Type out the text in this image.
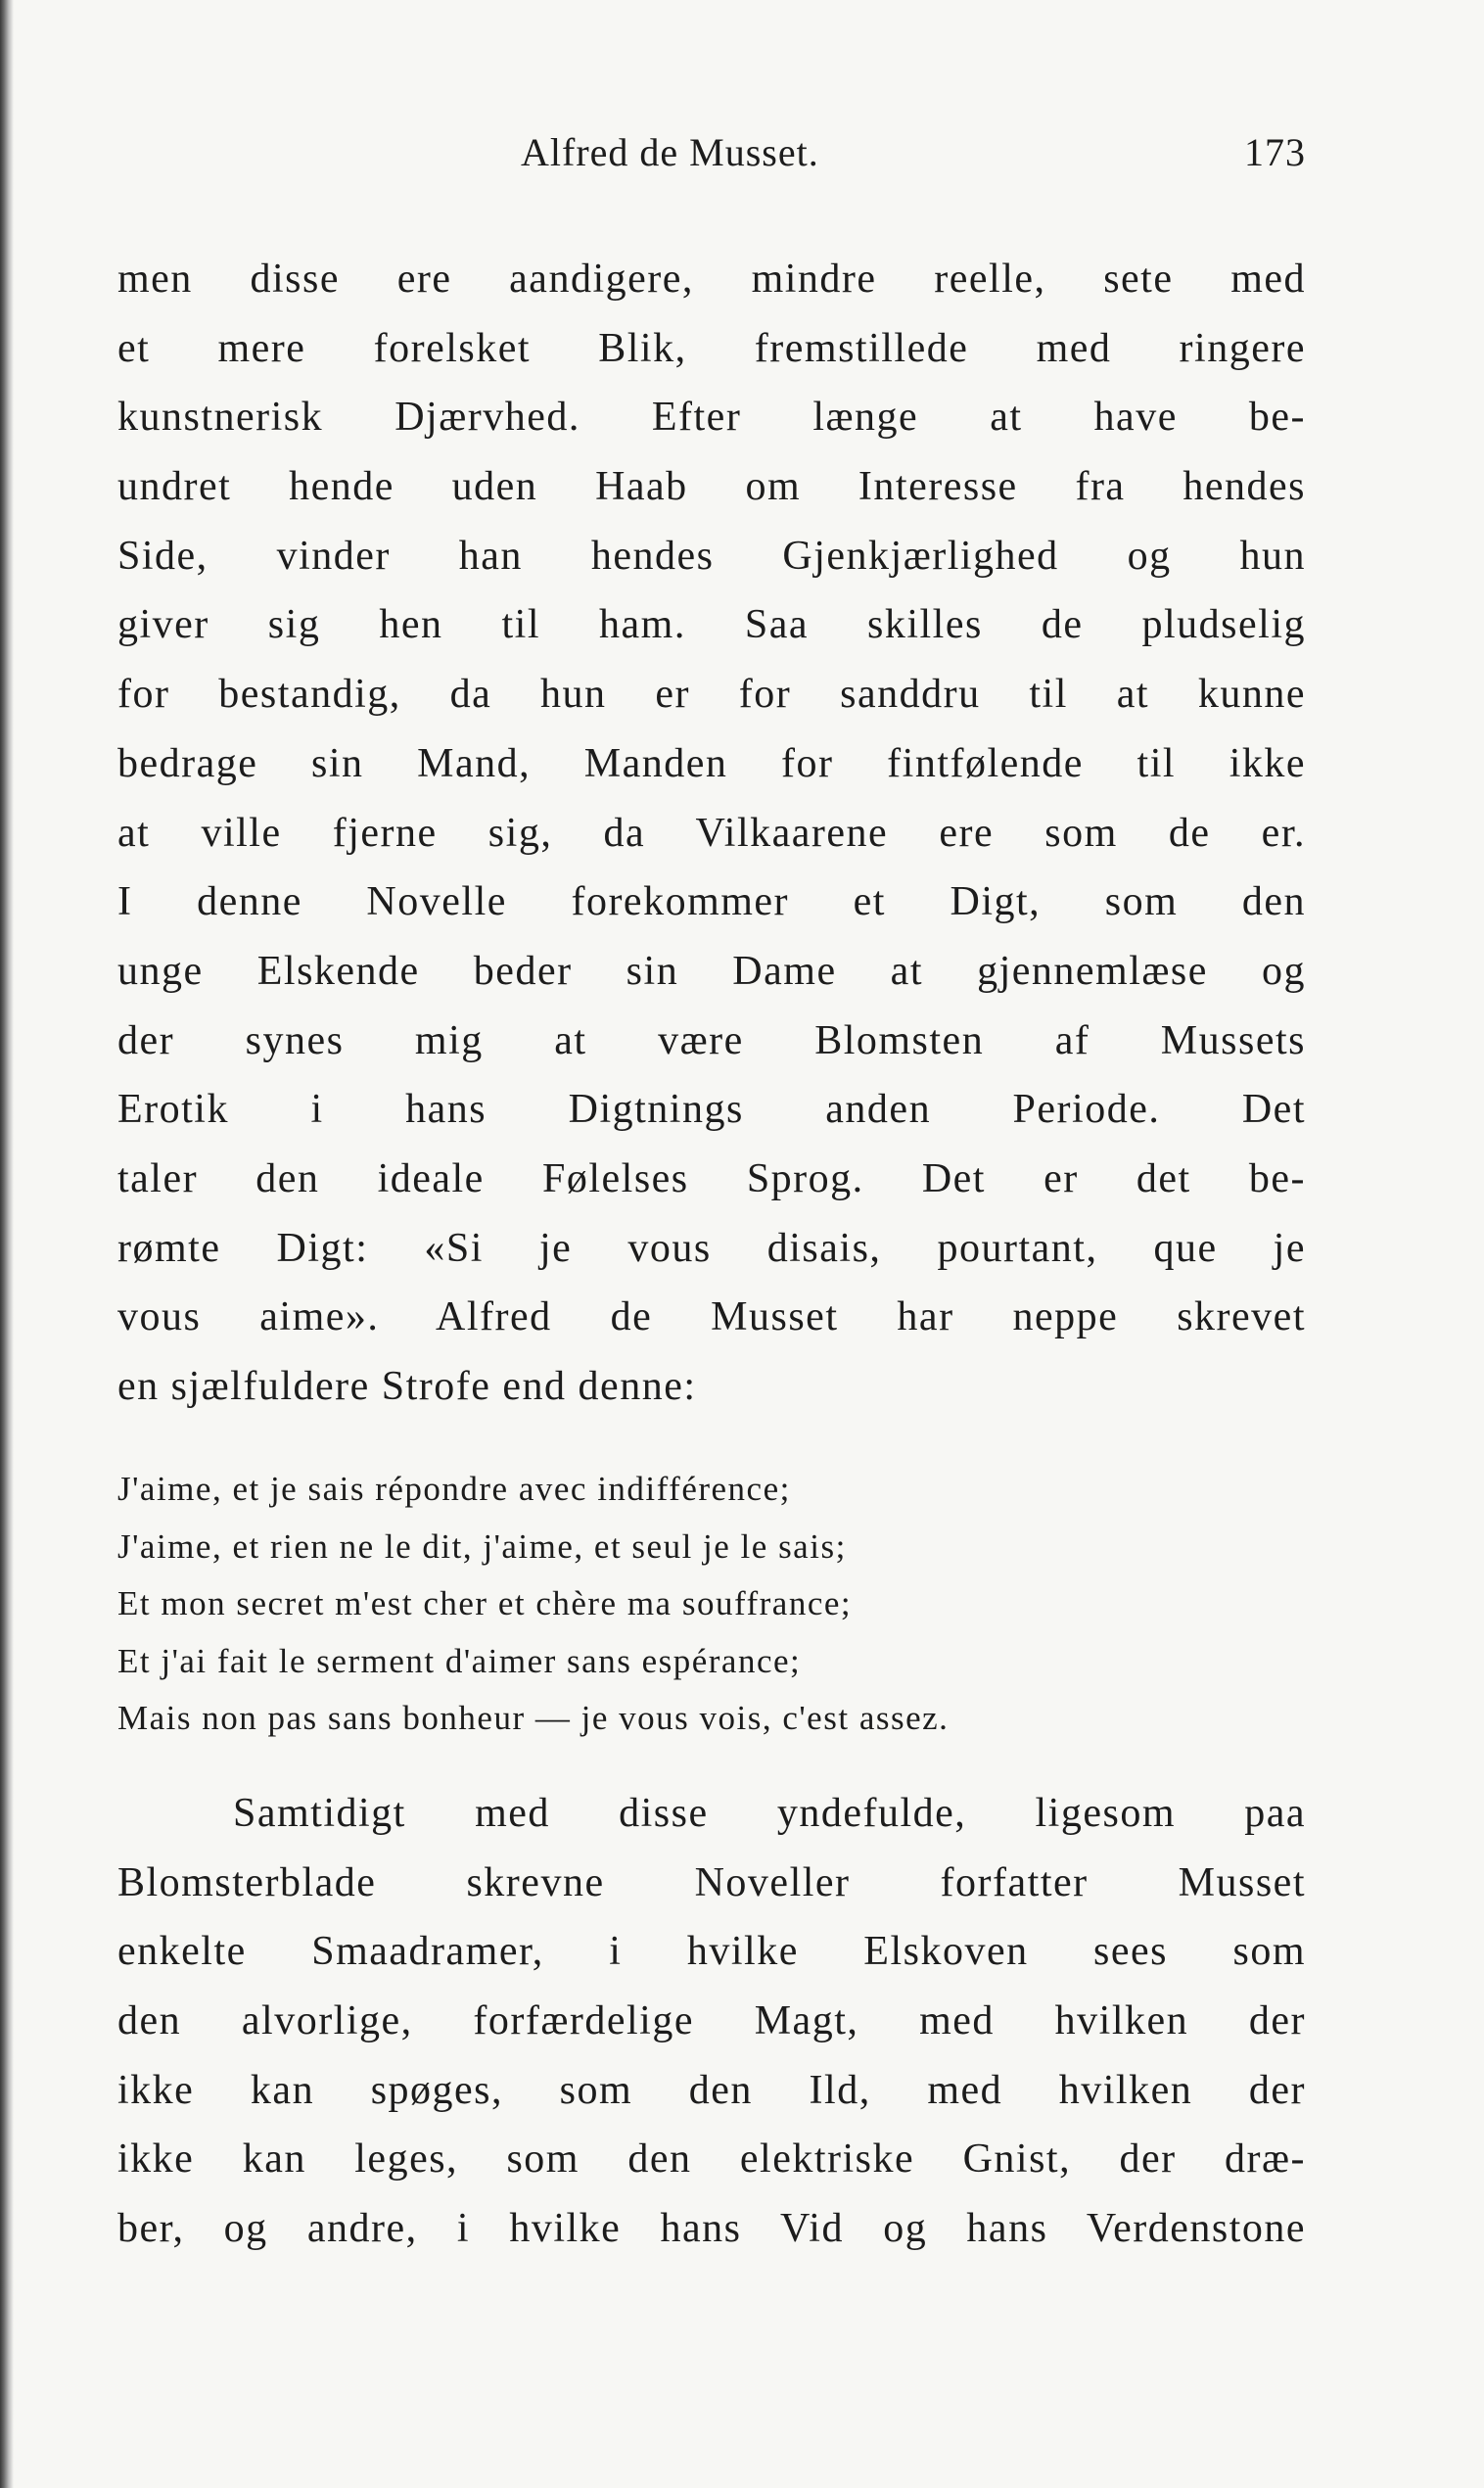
Alfred de Musset.	173
men disse ere aandigere, mindre reelle, sete med
et mere forelsket Blik, fremstillede med ringere
kunstnerisk Djærvhed. Efter længe at have be-
undret hende uden Haab om Interesse fra hendes
Side, vinder han hendes Gjenkjærlighed og hun
giver sig hen til ham. Saa skilles de pludselig
for bestandig, da hun er for sanddru til at kunne
bedrage sin Mand, Manden for fintfølende til ikke
at ville fjerne sig, da Vilkaarene ere som de er.
I denne Novelle forekommer et Digt, som den
unge Elskende beder sin Dame at gjennemlæse og
der synes mig at være Blomsten af Mussets
Erotik i hans Digtnings anden Periode. Det
taler den ideale Følelses Sprog. Det er det be-
rømte Digt: «Si je vous disais, pourtant, que je
vous aime». Alfred de Musset har neppe skrevet
en sjælfuldere Strofe end denne:
J'aime, et je sais répondre avec indifférence;
J'aime, et rien ne le dit, j'aime, et seul je le sais;
Et mon secret m'est cher et chère ma souffrance;
Et j'ai fait le serment d'aimer sans espérance;
Mais non pas sans bonheur — je vous vois, c'est assez.
Samtidigt med disse yndefulde, ligesom paa
Blomsterblade skrevne Noveller forfatter Musset
enkelte Smaadramer, i hvilke Elskoven sees som
den alvorlige, forfærdelige Magt, med hvilken der
ikke kan spøges, som den Ild, med hvilken der
ikke kan leges, som den elektriske Gnist, der dræ-
ber, og andre, i hvilke hans Vid og hans Verdenstone
